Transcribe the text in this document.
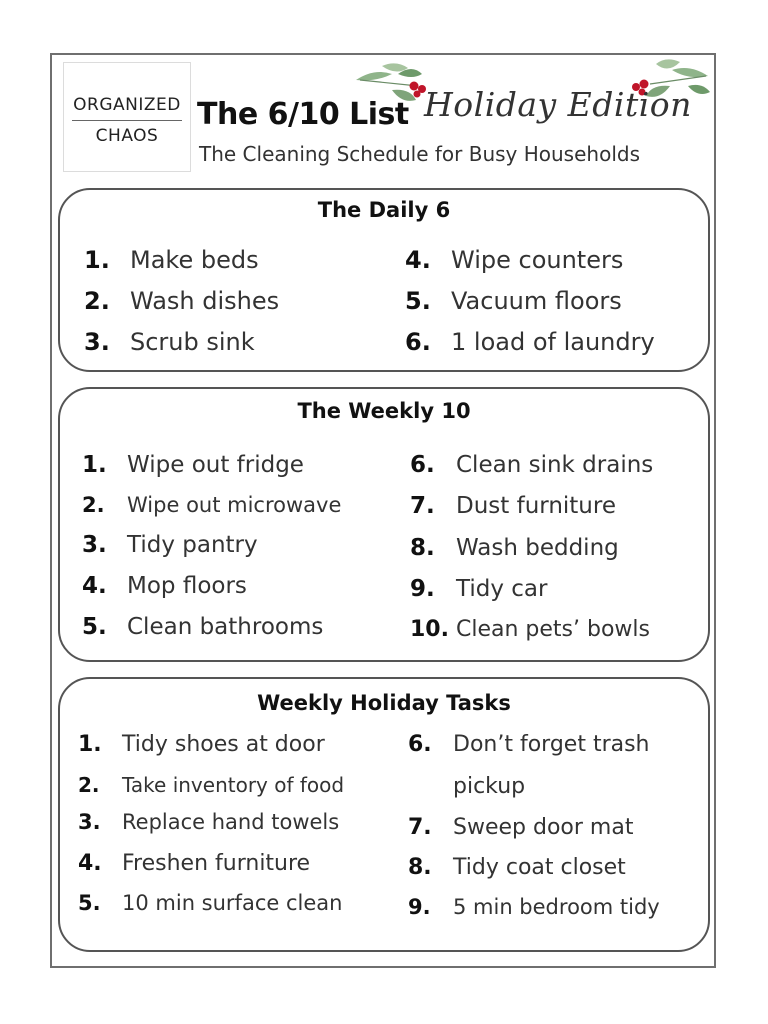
ORGANIZED
CHAOS
The 6/10 List Holiday Edition
The Cleaning Schedule for Busy Households
The Daily 6
1. Make beds
2. Wash dishes
3. Scrub sink
4. Wipe counters
5. Vacuum floors
6. 1 load of laundry
The Weekly 10
1. Wipe out fridge
2. Wipe out microwave
3. Tidy pantry
4. Mop floors
5. Clean bathrooms
6. Clean sink drains
7. Dust furniture
8. Wash bedding
9. Tidy car
10. Clean pets’ bowls
Weekly Holiday Tasks
1. Tidy shoes at door
2. Take inventory of food
3. Replace hand towels
4. Freshen furniture
5. 10 min surface clean
6. Don’t forget trash
pickup
7. Sweep door mat
8. Tidy coat closet
9. 5 min bedroom tidy
